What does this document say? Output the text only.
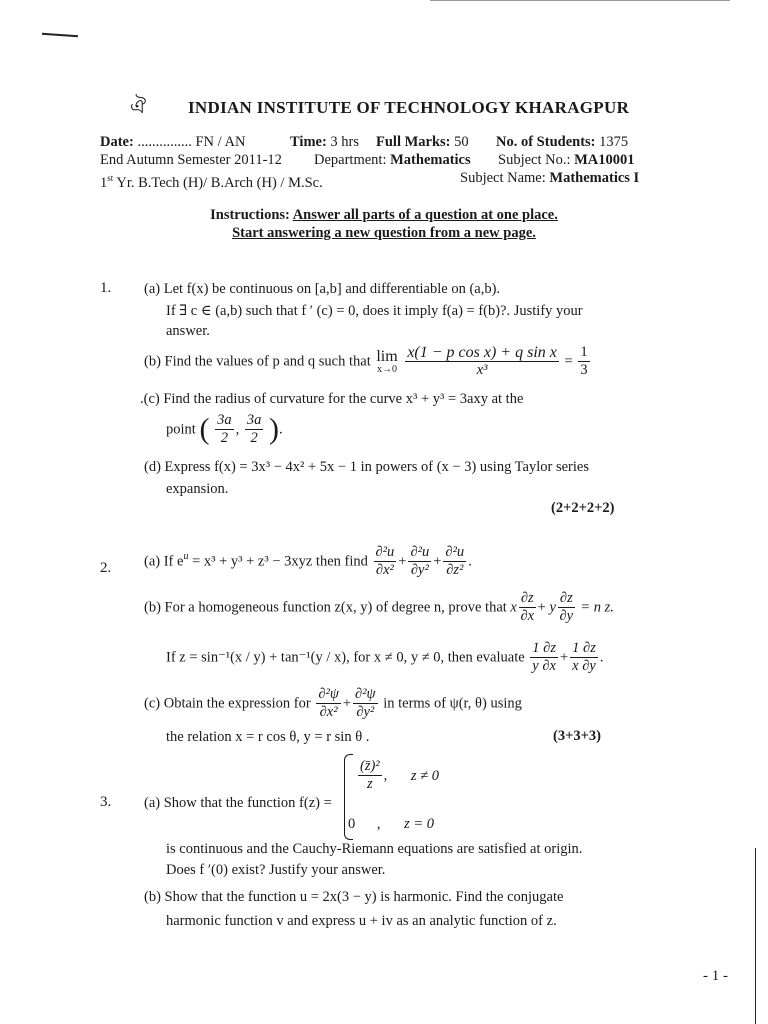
ঐ INDIAN INSTITUTE OF TECHNOLOGY KHARAGPUR
Date: ............... FN / AN	Time: 3 hrs Full Marks: 50 No. of Students: 1375
End Autumn Semester 2011-12 Department: Mathematics Subject No.: MA10001
1st Yr. B.Tech (H)/ B.Arch (H) / M.Sc.	Subject Name: Mathematics I
Instructions: Answer all parts of a question at one place.
Start answering a new question from a new page.
1. (a) Let f(x) be continuous on [a,b] and differentiable on (a,b).
If ∃ c ∈ (a,b) such that f ′ (c) = 0, does it imply f(a) = f(b)?. Justify your
answer.
(b) Find the values of p and q such that lim
x→0
$\frac{\text{x(1 − p cos x) + q sin x}}{\text{x³}} = \frac{1}{3}$
.(c) Find the radius of curvature for the curve x³ + y³ = 3axy at the
point ( $\frac{3a}{2}$ , $\frac{3a}{2}$ ).
(d) Express f(x) = 3x³ − 4x² + 5x − 1 in powers of (x − 3) using Taylor series
expansion.
(2+2+2+2)
2. (a) If $e^u = x^3 + y^3 + z^3 - 3xyz$ then find $\frac{\text{∂²u}}{\text{∂x²}} + \frac{\text{∂²u}}{\text{∂y²}} + \frac{\text{∂²u}}{\text{∂z²}}$ .
(b) For a homogeneous function z(x, y) of degree n, prove that x $\frac{\partial z}{\partial x} + y \frac{\partial z}{\partial y} = n$ z.
If z = sin⁻¹(x / y) + tan⁻¹(y / x), for x ≠ 0, y ≠ 0, then evaluate $\frac{1 \partial z}{y \partial x} + \frac{1 \partial z}{x \partial y}$ .
(c) Obtain the expression for $\frac{\text{∂²ψ}}{\text{∂x²}} + \frac{\text{∂²ψ}}{\text{∂y²}}$ in terms of ψ(r, θ) using
the relation x = r cos θ, y = r sin θ .	(3+3+3)
3. (a) Show that the function f(z) =
$\frac{\text{(z̄)²}}{z}$ , z ≠ 0
0 , z = 0
is continuous and the Cauchy-Riemann equations are satisfied at origin.
Does f ′(0) exist? Justify your answer.
(b) Show that the function u = 2x(3 − y) is harmonic. Find the conjugate
harmonic function v and express u + iv as an analytic function of z.
- 1 -
